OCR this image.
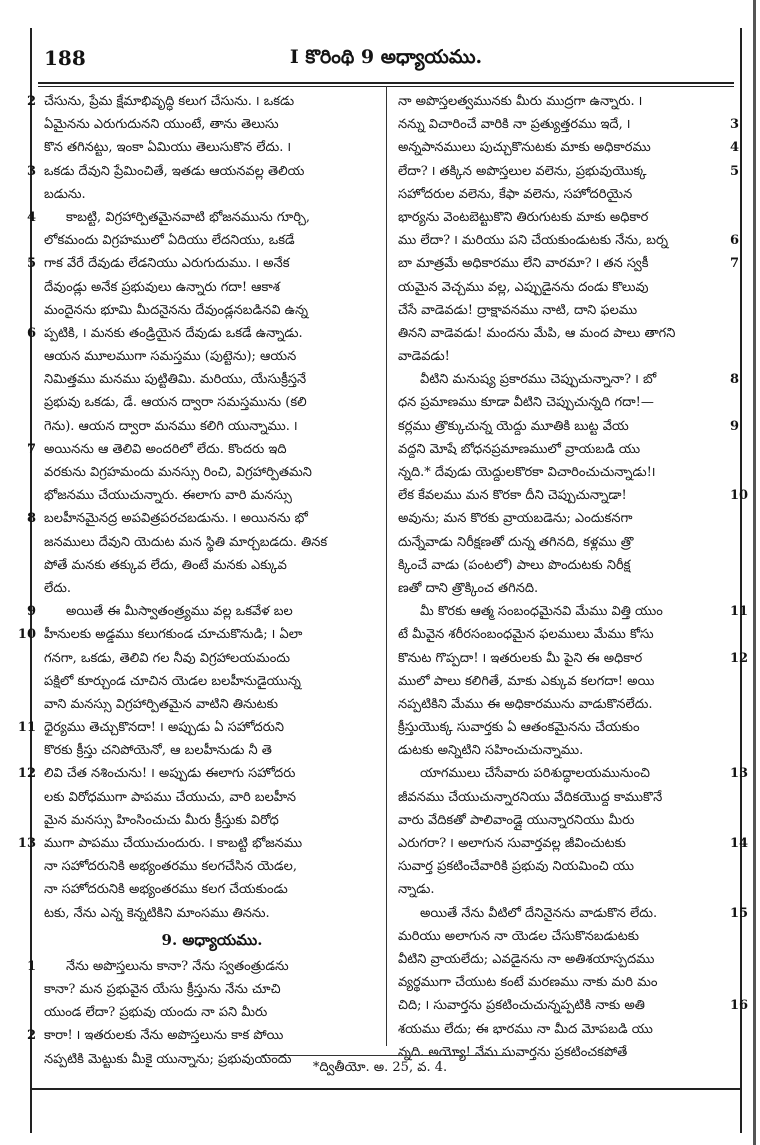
188	I కొరింథి 9 అధ్యాయము.
2 చేసును, ప్రేమ క్షేమాభివృద్ధి కలుగ చేసును. ౹ ఒకడు
ఏమైనను ఎరుగుదునని యుంటే, తాను తెలుసు
కొన తగినట్టు, ఇంకా ఏమియు తెలుసుకొన లేదు. ౹
3 ఒకడు దేవుని ప్రేమించితే, ఇతడు ఆయనవల్ల తెలియ
బడును.
4 కాబట్టి, విగ్రహార్పితమైనవాటి భోజనమును గూర్చి,
లోకమందు విగ్రహములో ఏదియు లేదనియు, ఒకడే
5 గాక వేరే దేవుడు లేడనియు ఎరుగుదుము. ౹ అనేక
దేవుండ్లు అనేక ప్రభువులు ఉన్నారు గదా! ఆకాశ
మందైనను భూమి మీదనైనను దేవుండ్లనబడినవి ఉన్న
6 ప్పటికి, ౹ మనకు తండ్రియైన దేవుడు ఒకడే ఉన్నాడు.
ఆయన మూలముగా సమస్తము (పుట్టెను); ఆయన
నిమిత్తము మనము పుట్టితిమి. మరియు, యేసుక్రీస్తనే
ప్రభువు ఒకడు, డే. ఆయన ద్వారా సమస్తమును (కలి
గెను). ఆయన ద్వారా మనము కలిగి యున్నాము. ౹
7 అయినను ఆ తెలివి అందరిలో లేదు. కొందరు ఇది
వరకును విగ్రహమందు మనస్సు రించి, విగ్రహార్పితమని
భోజనము చేయుచున్నారు. ఈలాగు వారి మనస్సు
8 బలహీనమైనద్ర అపవిత్రపరచబడును. ౹ అయినను భో
జనములు దేవుని యెదుట మన స్థితి మార్చబడదు. తినక
పోతే మనకు తక్కువ లేదు, తింటే మనకు ఎక్కువ
లేదు.
9 అయితే ఈ మీస్వాతంత్ర్యము వల్ల ఒకవేళ బల
10 హీనులకు అడ్డము కలుగకుండ చూచుకొనుడి; ౹ ఏలా
గనగా, ఒకడు, తెలివి గల నీవు విగ్రహాలయమందు
పక్షిలో కూర్చుండ చూచిన యెడల బలహీనుడైయున్న
వాని మనస్సు విగ్రహార్పితమైన వాటిని తినుటకు
11 ధైర్యము తెచ్చుకొనదా! ౹ అప్పుడు ఏ సహోదరుని
కొరకు క్రీస్తు చనిపోయెనో, ఆ బలహీనుడు నీ తె
12 లివి చేత నశించును! ౹ అప్పుడు ఈలాగు సహోదరు
లకు విరోధముగా పాపము చేయుచు, వారి బలహీన
మైన మనస్సు హింసించుచు మీరు క్రీస్తుకు విరోధ
13 ముగా పాపము చేయుచుందురు. ౹ కాబట్టి భోజనము
నా సహోదరునికి అభ్యంతరము కలగచేసిన యెడల,
నా సహోదరునికి అభ్యంతరము కలగ చేయకుండు
టకు, నేను ఎన్న కెన్నటికిని మాంసము తినను.
9. అధ్యాయము.
1 నేను అపొస్తలును కానా? నేను స్వతంత్రుడను
కానా? మన ప్రభువైన యేసు క్రీస్తును నేను చూచి
యుండ లేదా? ప్రభువు యందు నా పని మీరు
2 కారా! ౹ ఇతరులకు నేను అపొస్తలును కాక పోయి
నప్పటికి మెట్టుకు మీకై యున్నాను; ప్రభువుయందు
నా అపొస్తలత్వమునకు మీరు ముద్రగా ఉన్నారు. ౹
3
నన్ను విచారించే వారికి నా ప్రత్యుత్తరము ఇదే, ౹
4
అన్నపానములు పుచ్చుకొనుటకు మాకు అధికారము
5
లేదా? ౹ తక్కిన అపొస్తలుల వలెను, ప్రభువుయొక్క
సహోదరుల వలెను, కేఫా వలెను, సహోదరియైన
భార్యను వెంటబెట్టుకొని తిరుగుటకు మాకు అధికార
6
ము లేదా? ౹ మరియు పని చేయకుండుటకు నేను, బర్న
7
బా మాత్రమే అధికారము లేని వారమా? ౹ తన స్వకీ
యమైన వెచ్చము వల్ల, ఎప్పుడైనను దండు కొలువు
చేసే వాడెవడు! ద్రాక్షావనము నాటి, దాని ఫలము
తినని వాడెవడు! మందను మేపి, ఆ మంద పాలు తాగని
వాడెవడు!
8
వీటిని మనుష్య ప్రకారము చెప్పుచున్నానా? ౹ బో
ధన ప్రమాణము కూడా వీటిని చెప్పుచున్నది గదా!—
9
కర్లము త్రొక్కుచున్న యెద్దు మూతికి బుట్ట వేయ
వద్దని మోషే బోధనప్రమాణములో వ్రాయబడి యు
న్నది.* దేవుడు యెద్దులకొరకా విచారించుచున్నాడు!౹
10
లేక కేవలము మన కొరకా దీని చెప్పుచున్నాడా!
అవును; మన కొరకు వ్రాయబడెను; ఎందుకనగా
దున్నేవాడు నిరీక్షణతో దున్న తగినది, కళ్లము త్రొ
క్కించే వాడు (పంటలో) పాలు పొందుటకు నిరీక్ష
ణతో దాని త్రొక్కించ తగినది.
11
మీ కొరకు ఆత్మ సంబంధమైనవి మేము విత్తి యుం
టే మీవైన శరీరసంబంధమైన ఫలములు మేము కోసు
12
కొనుట గొప్పదా! ౹ ఇతరులకు మీ పైని ఈ అధికార
ములో పాలు కలిగితే, మాకు ఎక్కువ కలగదా! అయి
నప్పటికిని మేము ఈ అధికారమును వాడుకొనలేదు.
క్రీస్తుయొక్క సువార్తకు ఏ ఆతంకమైనను చేయకుం
డుటకు అన్నిటిని సహించుచున్నాము.
13
యాగములు చేసేవారు పరిశుద్ధాలయమునుంచి
జీవనము చేయుచున్నారనియు వేదికయొద్ద కాముకొనే
వారు వేదికతో పాలివాండ్లై యున్నారనియు మీరు
14
ఎరుగరా? ౹ అలాగున సువార్తవల్ల జీవించుటకు
సువార్త ప్రకటించేవారికి ప్రభువు నియమించి యు
న్నాడు.
15
అయితే నేను వీటిలో దేనినైనను వాడుకొన లేదు.
మరియు అలాగున నా యెడల చేసుకొనబడుటకు
వీటిని వ్రాయలేదు; ఎవడైనను నా అతిశయాస్పదము
వ్యర్థముగా చేయుట కంటే మరణము నాకు మరి మం
16
చిది; ౹ సువార్తను ప్రకటించుచున్నప్పటికి నాకు అతి
శయము లేదు; ఈ భారము నా మీద మోపబడి యు
న్నది. అయ్యో! నేను సువార్తను ప్రకటించకపోతే
*ద్వితీయో. అ. 25, వ. 4.
